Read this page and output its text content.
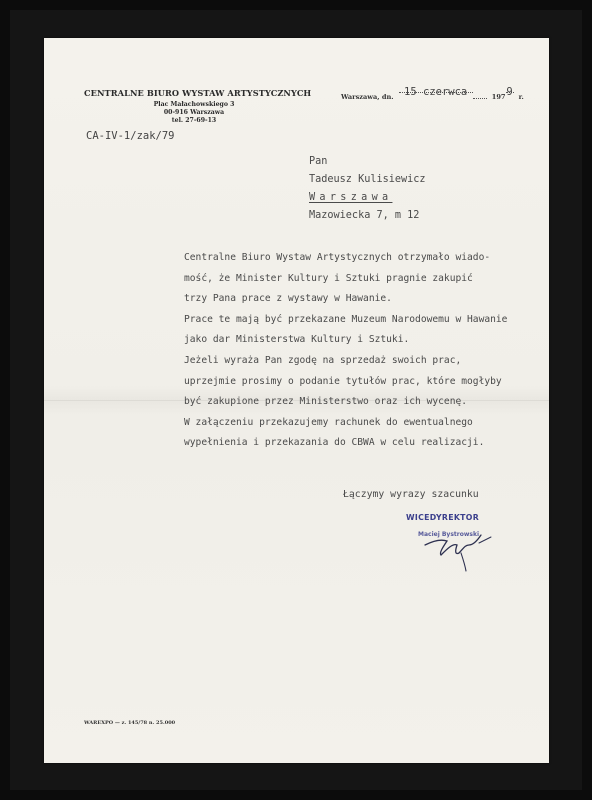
CENTRALNE BIURO WYSTAW ARTYSTYCZNYCH
Plac Małachowskiego 3
00-916 Warszawa
tel. 27-69-13
CA-IV-1/zak/79
Warszawa, dn. $^{15 czerwca}$	$197^9$ r.
Pan
Tadeusz Kulisiewicz
Warszawa
Mazowiecka 7, m 12
Centralne Biuro Wystaw Artystycznych otrzymało wiado-
mość, że Minister Kultury i Sztuki pragnie zakupić
trzy Pana prace z wystawy w Hawanie.
Prace te mają być przekazane Muzeum Narodowemu w Hawanie
jako dar Ministerstwa Kultury i Sztuki.
Jeżeli wyraża Pan zgodę na sprzedaż swoich prac,
uprzejmie prosimy o podanie tytułów prac, które mogłyby
być zakupione przez Ministerstwo oraz ich wycenę.
W załączeniu przekazujemy rachunek do ewentualnego
wypełnienia i przekazania do CBWA w celu realizacji.
Łączymy wyrazy szacunku
WICEDYREKTOR
Maciej Bystrowski
WAREXPO — z. 145/78 n. 25.000
